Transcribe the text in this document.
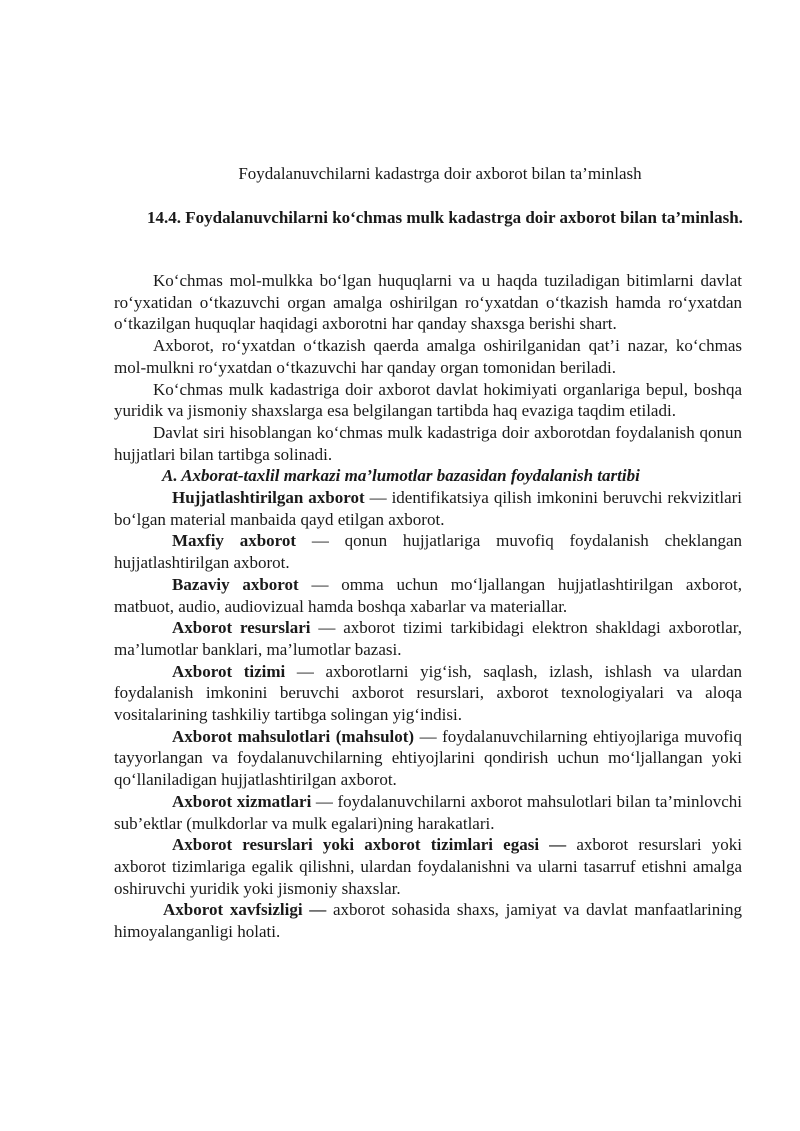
Foydalanuvchilarni kadastrga doir axborot bilan ta’minlash
14.4. Foydalanuvchilarni ko‘chmas mulk kadastrga doir axborot bilan ta’minlash.

Ko‘chmas mol-mulkka bo‘lgan huquqlarni va u haqda tuziladigan bitimlarni davlat ro‘yxatidan o‘tkazuvchi organ amalga oshirilgan ro‘yxatdan o‘tkazish hamda ro‘yxatdan o‘tkazilgan huquqlar haqidagi axborotni har qanday shaxsga berishi shart.

Axborot, ro‘yxatdan o‘tkazish qaerda amalga oshirilganidan qat’i nazar, ko‘chmas mol-mulkni ro‘yxatdan o‘tkazuvchi har qanday organ tomonidan beriladi.

Ko‘chmas mulk kadastriga doir axborot davlat hokimiyati organlariga bepul, boshqa yuridik va jismoniy shaxslarga esa belgilangan tartibda haq evaziga taqdim etiladi.

Davlat siri hisoblangan ko‘chmas mulk kadastriga doir axborotdan foydalanish qonun hujjatlari bilan tartibga solinadi.

A. Axborat-taxlil markazi ma’lumotlar bazasidan foydalanish tartibi

Hujjatlashtirilgan axborot — identifikatsiya qilish imkonini beruvchi rekvizitlari bo‘lgan material manbaida qayd etilgan axborot.

Maxfiy axborot — qonun hujjatlariga muvofiq foydalanish cheklangan hujjatlashtirilgan axborot.

Bazaviy axborot — omma uchun mo‘ljallangan hujjatlashtirilgan axborot, matbuot, audio, audiovizual hamda boshqa xabarlar va materiallar.

Axborot resurslari — axborot tizimi tarkibidagi elektron shakldagi axborotlar, ma’lumotlar banklari, ma’lumotlar bazasi.

Axborot tizimi — axborotlarni yig‘ish, saqlash, izlash, ishlash va ulardan foydalanish imkonini beruvchi axborot resurslari, axborot texnologiyalari va aloqa vositalarining tashkiliy tartibga solingan yig‘indisi.

Axborot mahsulotlari (mahsulot) — foydalanuvchilarning ehtiyojlariga muvofiq tayyorlangan va foydalanuvchilarning ehtiyojlarini qondirish uchun mo‘ljallangan yoki qo‘llaniladigan hujjatlashtirilgan axborot.

Axborot xizmatlari — foydalanuvchilarni axborot mahsulotlari bilan ta’minlovchi sub’ektlar (mulkdorlar va mulk egalari)ning harakatlari.

Axborot resurslari yoki axborot tizimlari egasi — axborot resurslari yoki axborot tizimlariga egalik qilishni, ulardan foydalanishni va ularni tasarruf etishni amalga oshiruvchi yuridik yoki jismoniy shaxslar.

Axborot xavfsizligi — axborot sohasida shaxs, jamiyat va davlat manfaatlarining himoyalanganligi holati.
